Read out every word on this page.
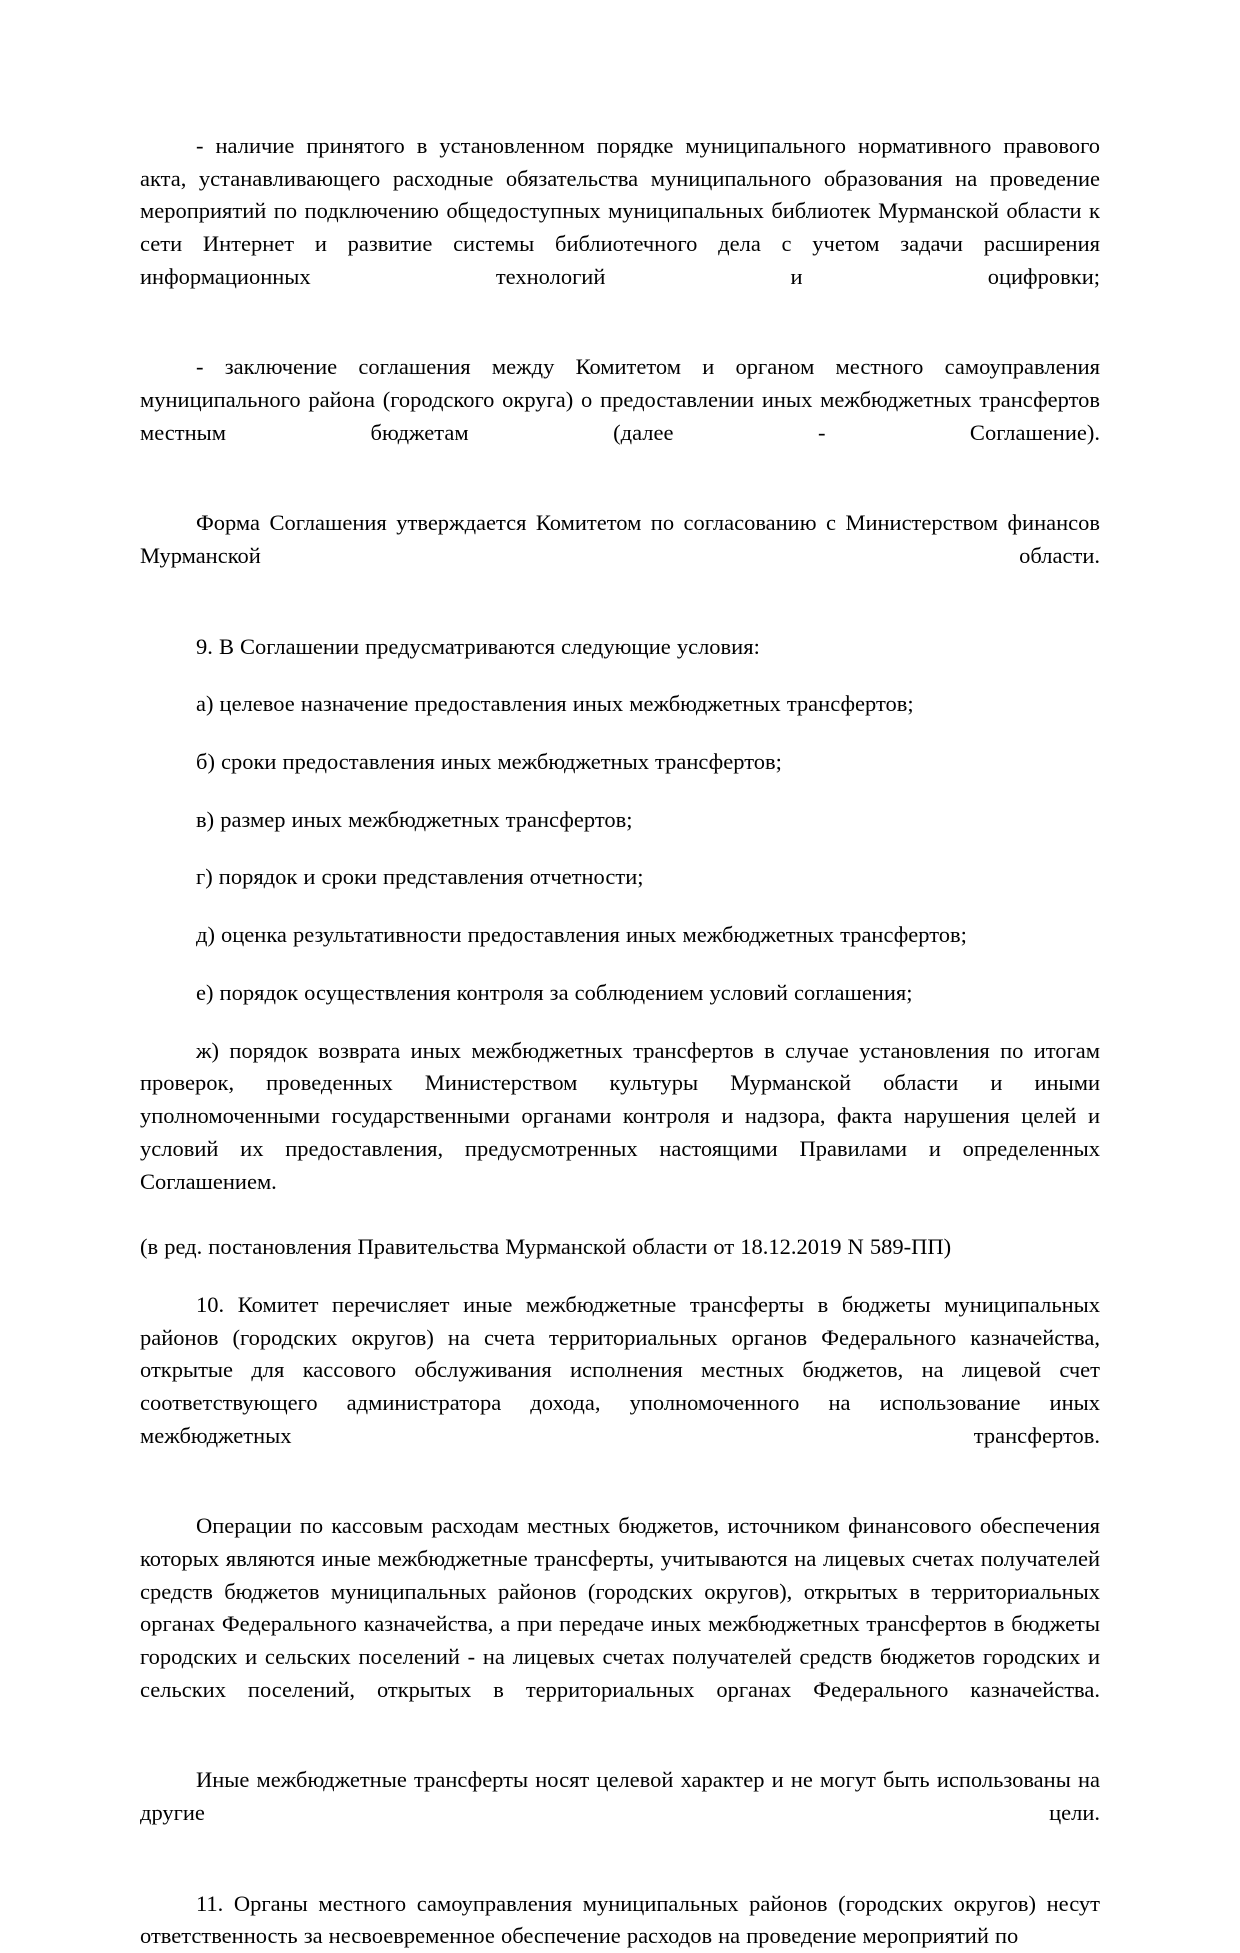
- наличие принятого в установленном порядке муниципального нормативного правового акта, устанавливающего расходные обязательства муниципального образования на проведение мероприятий по подключению общедоступных муниципальных библиотек Мурманской области к сети Интернет и развитие системы библиотечного дела с учетом задачи расширения информационных технологий и оцифровки;

- заключение соглашения между Комитетом и органом местного самоуправления муниципального района (городского округа) о предоставлении иных межбюджетных трансфертов местным бюджетам (далее - Соглашение).

Форма Соглашения утверждается Комитетом по согласованию с Министерством финансов Мурманской области.

9. В Соглашении предусматриваются следующие условия:

а) целевое назначение предоставления иных межбюджетных трансфертов;

б) сроки предоставления иных межбюджетных трансфертов;

в) размер иных межбюджетных трансфертов;

г) порядок и сроки представления отчетности;

д) оценка результативности предоставления иных межбюджетных трансфертов;

е) порядок осуществления контроля за соблюдением условий соглашения;

ж) порядок возврата иных межбюджетных трансфертов в случае установления по итогам проверок, проведенных Министерством культуры Мурманской области и иными уполномоченными государственными органами контроля и надзора, факта нарушения целей и условий их предоставления, предусмотренных настоящими Правилами и определенных Соглашением.

(в ред. постановления Правительства Мурманской области от 18.12.2019 N 589-ПП)

10. Комитет перечисляет иные межбюджетные трансферты в бюджеты муниципальных районов (городских округов) на счета территориальных органов Федерального казначейства, открытые для кассового обслуживания исполнения местных бюджетов, на лицевой счет соответствующего администратора дохода, уполномоченного на использование иных межбюджетных трансфертов.

Операции по кассовым расходам местных бюджетов, источником финансового обеспечения которых являются иные межбюджетные трансферты, учитываются на лицевых счетах получателей средств бюджетов муниципальных районов (городских округов), открытых в территориальных органах Федерального казначейства, а при передаче иных межбюджетных трансфертов в бюджеты городских и сельских поселений - на лицевых счетах получателей средств бюджетов городских и сельских поселений, открытых в территориальных органах Федерального казначейства.

Иные межбюджетные трансферты носят целевой характер и не могут быть использованы на другие цели.

11. Органы местного самоуправления муниципальных районов (городских округов) несут ответственность за несвоевременное обеспечение расходов на проведение мероприятий по
